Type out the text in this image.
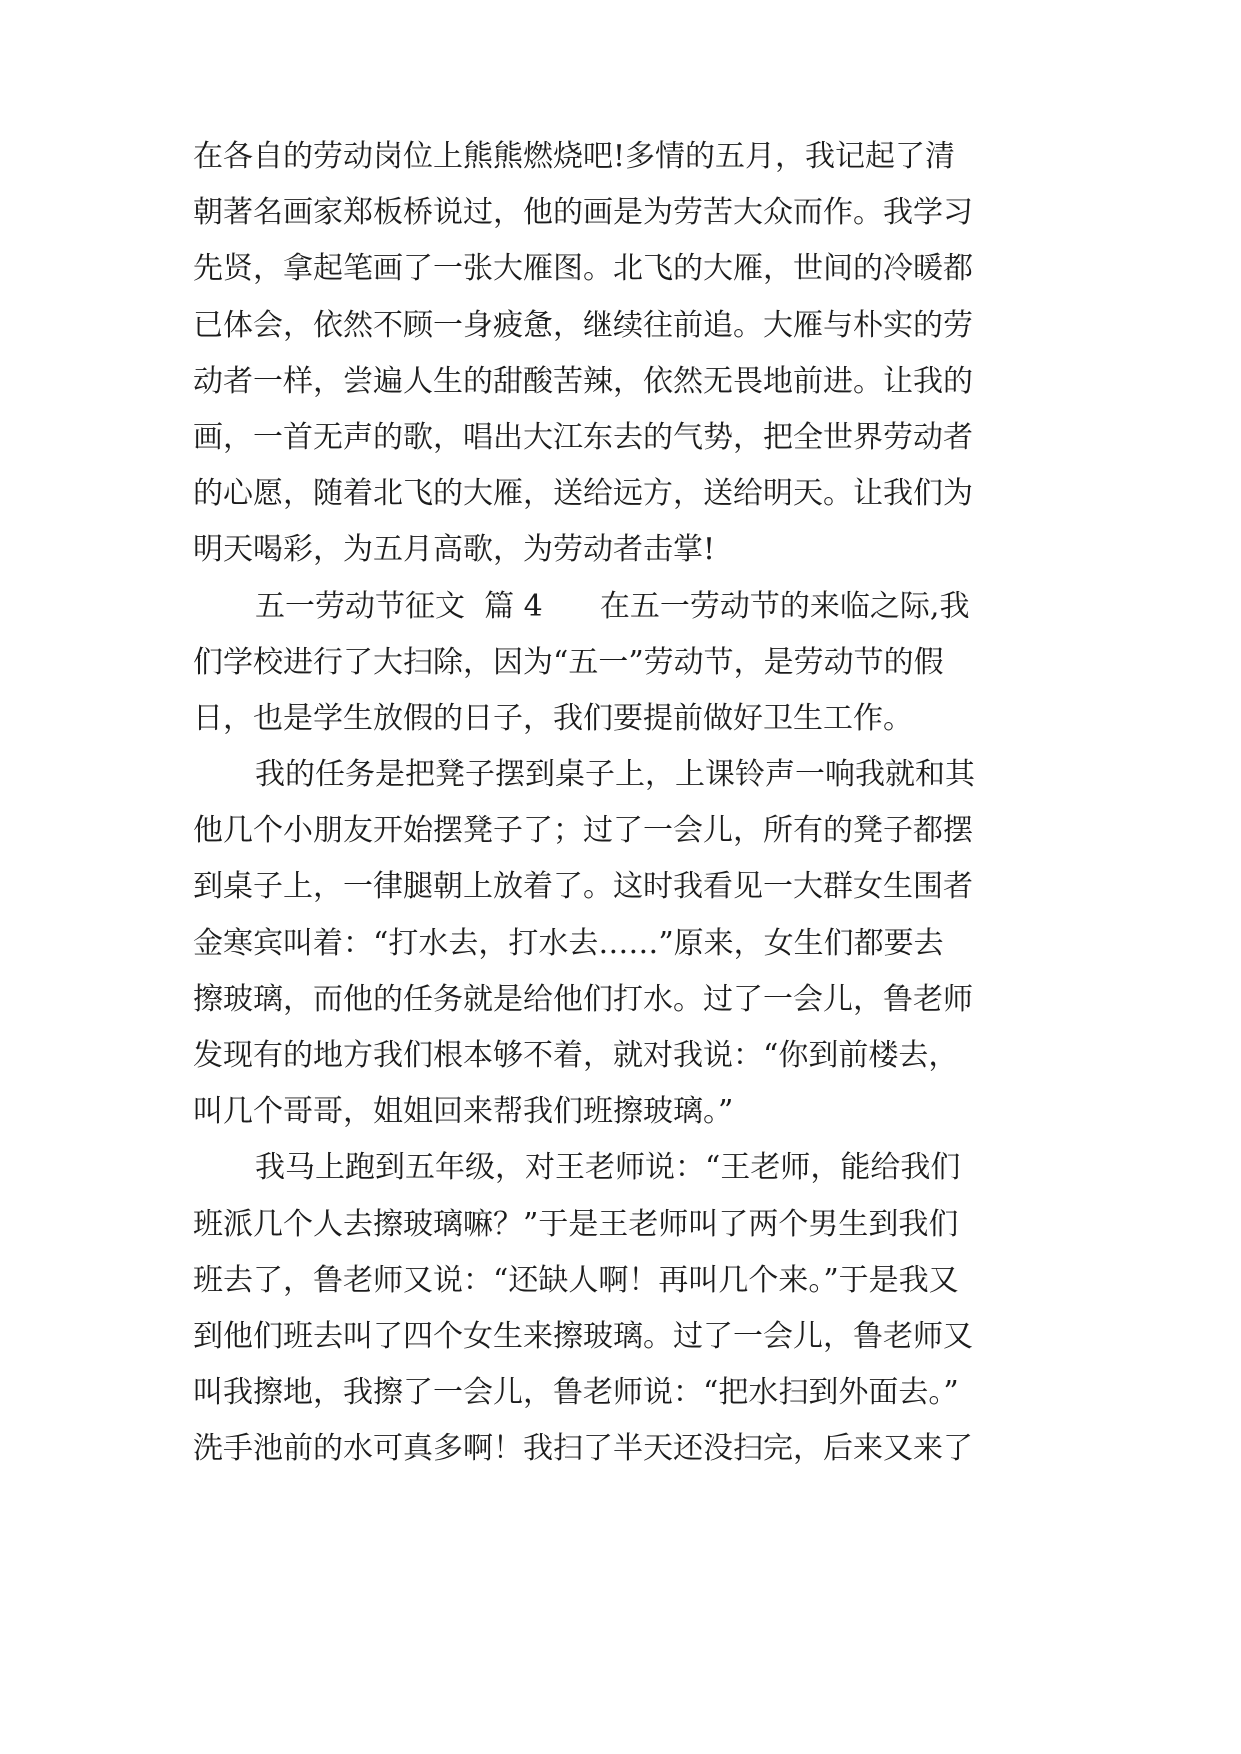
在各自的劳动岗位上熊熊燃烧吧!多情的五月，我记起了清
朝著名画家郑板桥说过，他的画是为劳苦大众而作。我学习
先贤，拿起笔画了一张大雁图。北飞的大雁，世间的冷暖都
已体会，依然不顾一身疲惫，继续往前追。大雁与朴实的劳
动者一样，尝遍人生的甜酸苦辣，依然无畏地前进。让我的
画，一首无声的歌，唱出大江东去的气势，把全世界劳动者
的心愿，随着北飞的大雁，送给远方，送给明天。让我们为
明天喝彩，为五月高歌，为劳动者击掌!
五一劳动节征文  篇 4      在五一劳动节的来临之际,我
们学校进行了大扫除，因为“五一”劳动节，是劳动节的假
日，也是学生放假的日子，我们要提前做好卫生工作。
我的任务是把凳子摆到桌子上，上课铃声一响我就和其
他几个小朋友开始摆凳子了；过了一会儿，所有的凳子都摆
到桌子上，一律腿朝上放着了。这时我看见一大群女生围者
金寒宾叫着：“打水去，打水去……”原来，女生们都要去
擦玻璃，而他的任务就是给他们打水。过了一会儿，鲁老师
发现有的地方我们根本够不着，就对我说：“你到前楼去，
叫几个哥哥，姐姐回来帮我们班擦玻璃。”
我马上跑到五年级，对王老师说：“王老师，能给我们
班派几个人去擦玻璃嘛？”于是王老师叫了两个男生到我们
班去了，鲁老师又说：“还缺人啊！再叫几个来。”于是我又
到他们班去叫了四个女生来擦玻璃。过了一会儿，鲁老师又
叫我擦地，我擦了一会儿，鲁老师说：“把水扫到外面去。”
洗手池前的水可真多啊！我扫了半天还没扫完，后来又来了
